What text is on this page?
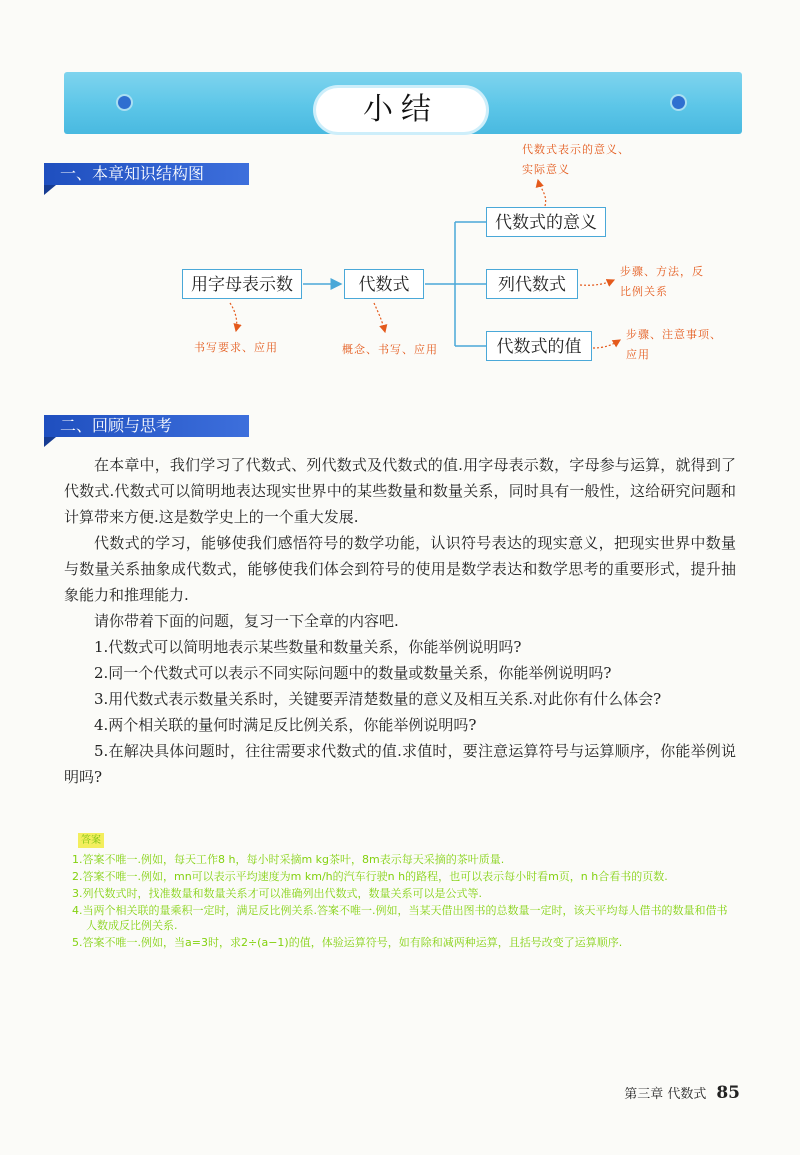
小结
一、本章知识结构图
用字母表示数	代数式
代数式的意义
列代数式
代数式的值
代数式表示的意义、实际意义
步骤、方法，反比例关系
步骤、注意事项、应用
书写要求、应用	概念、书写、应用
二、回顾与思考

在本章中，我们学习了代数式、列代数式及代数式的值.用字母表示数，字母参与运算，就得到了代数式.代数式可以简明地表达现实世界中的某些数量和数量关系，同时具有一般性，这给研究问题和计算带来方便.这是数学史上的一个重大发展.

代数式的学习，能够使我们感悟符号的数学功能，认识符号表达的现实意义，把现实世界中数量与数量关系抽象成代数式，能够使我们体会到符号的使用是数学表达和数学思考的重要形式，提升抽象能力和推理能力.

请你带着下面的问题，复习一下全章的内容吧.

1.代数式可以简明地表示某些数量和数量关系，你能举例说明吗?

2.同一个代数式可以表示不同实际问题中的数量或数量关系，你能举例说明吗?

3.用代数式表示数量关系时，关键要弄清楚数量的意义及相互关系.对此你有什么体会?

4.两个相关联的量何时满足反比例关系，你能举例说明吗?

5.在解决具体问题时，往往需要求代数式的值.求值时，要注意运算符号与运算顺序，你能举例说明吗?

答案
1.答案不唯一.例如，每天工作8 h，每小时采摘m kg茶叶，8m表示每天采摘的茶叶质量.
2.答案不唯一.例如，mn可以表示平均速度为m km/h的汽车行驶n h的路程，也可以表示每小时看m页，n h合看书的页数.
3.列代数式时，找准数量和数量关系才可以准确列出代数式，数量关系可以是公式等.
4.当两个相关联的量乘积一定时，满足反比例关系.答案不唯一.例如，当某天借出图书的总数量一定时，该天平均每人借书的数量和借书人数成反比例关系.
5.答案不唯一.例如，当a=3时，求2÷(a−1)的值，体验运算符号，如有除和减两种运算，且括号改变了运算顺序.
第三章 代数式 85
